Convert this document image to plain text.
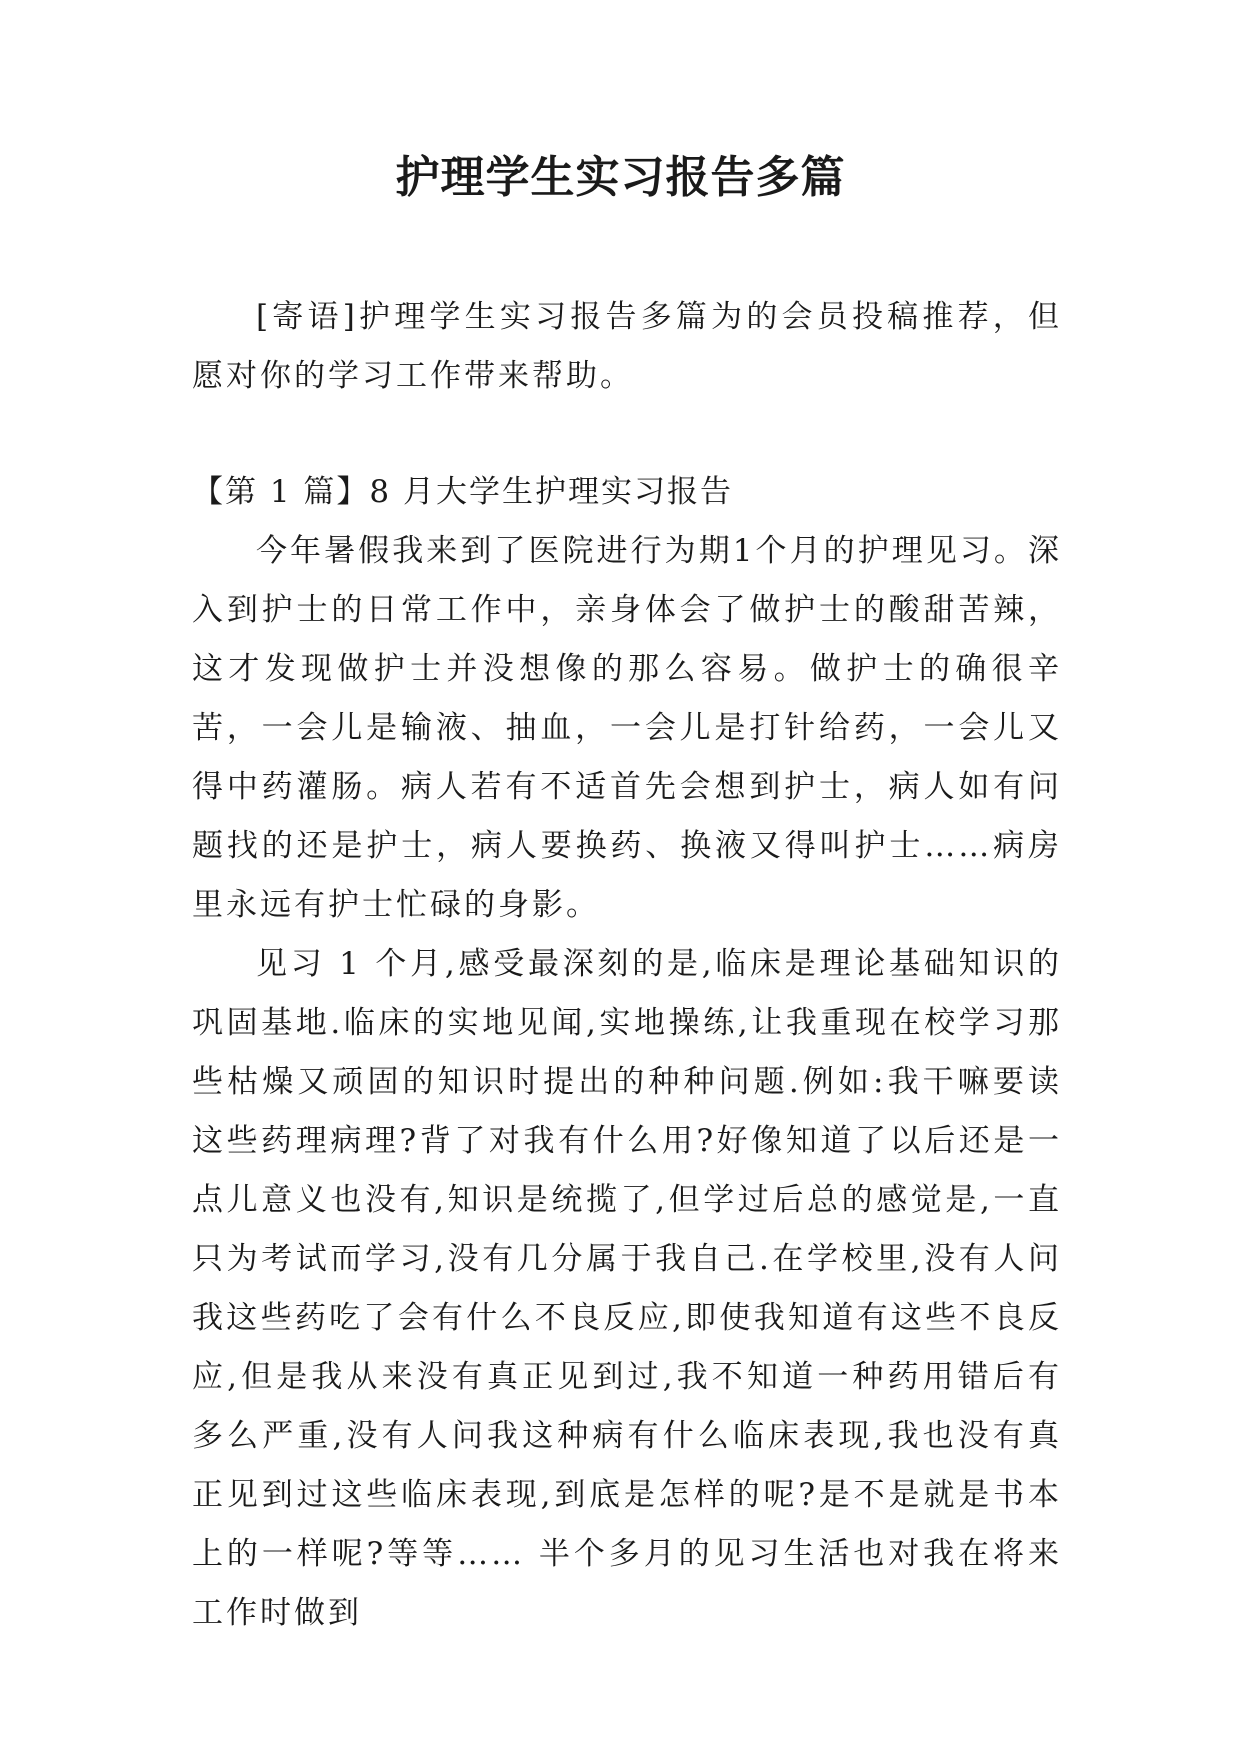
护理学生实习报告多篇

[寄语]护理学生实习报告多篇为的会员投稿推荐，但愿对你的学习工作带来帮助。

【第 1 篇】8 月大学生护理实习报告

今年暑假我来到了医院进行为期1个月的护理见习。深入到护士的日常工作中，亲身体会了做护士的酸甜苦辣，这才发现做护士并没想像的那么容易。做护士的确很辛苦，一会儿是输液、抽血，一会儿是打针给药，一会儿又得中药灌肠。病人若有不适首先会想到护士，病人如有问题找的还是护士，病人要换药、换液又得叫护士……病房里永远有护士忙碌的身影。

见习 1 个月,感受最深刻的是,临床是理论基础知识的巩固基地.临床的实地见闻,实地操练,让我重现在校学习那些枯燥又顽固的知识时提出的种种问题.例如:我干嘛要读这些药理病理?背了对我有什么用?好像知道了以后还是一点儿意义也没有,知识是统揽了,但学过后总的感觉是,一直只为考试而学习,没有几分属于我自己.在学校里,没有人问我这些药吃了会有什么不良反应,即使我知道有这些不良反应,但是我从来没有真正见到过,我不知道一种药用错后有多么严重,没有人问我这种病有什么临床表现,我也没有真正见到过这些临床表现,到底是怎样的呢?是不是就是书本上的一样呢?等等…… 半个多月的见习生活也对我在将来工作时做到
